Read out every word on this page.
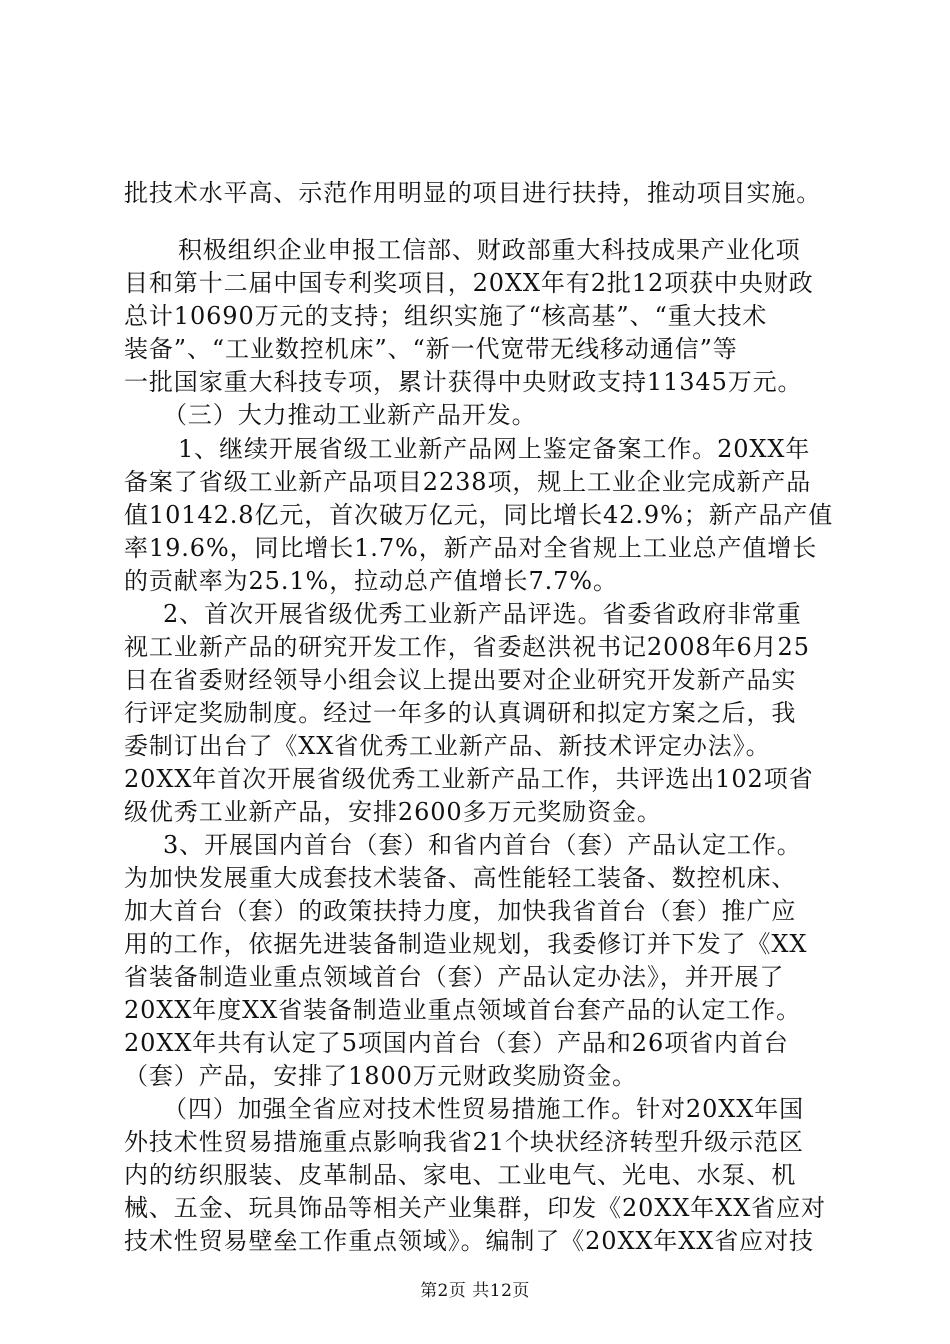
批技术水平高、示范作用明显的项目进行扶持，推动项目实施。
积极组织企业申报工信部、财政部重大科技成果产业化项
目和第十二届中国专利奖项目，20XX年有2批12项获中央财政
总计10690万元的支持；组织实施了“核高基”、“重大技术
装备”、“工业数控机床”、“新一代宽带无线移动通信”等
一批国家重大科技专项，累计获得中央财政支持11345万元。
（三）大力推动工业新产品开发。
1、继续开展省级工业新产品网上鉴定备案工作。20XX年
备案了省级工业新产品项目2238项，规上工业企业完成新产品
值10142.8亿元，首次破万亿元，同比增长42.9%；新产品产值
率19.6%，同比增长1.7%，新产品对全省规上工业总产值增长
的贡献率为25.1%，拉动总产值增长7.7%。
2、首次开展省级优秀工业新产品评选。省委省政府非常重
视工业新产品的研究开发工作，省委赵洪祝书记2008年6月25
日在省委财经领导小组会议上提出要对企业研究开发新产品实
行评定奖励制度。经过一年多的认真调研和拟定方案之后，我
委制订出台了《XX省优秀工业新产品、新技术评定办法》。
20XX年首次开展省级优秀工业新产品工作，共评选出102项省
级优秀工业新产品，安排2600多万元奖励资金。
3、开展国内首台（套）和省内首台（套）产品认定工作。
为加快发展重大成套技术装备、高性能轻工装备、数控机床、
加大首台（套）的政策扶持力度，加快我省首台（套）推广应
用的工作，依据先进装备制造业规划，我委修订并下发了《XX
省装备制造业重点领域首台（套）产品认定办法》，并开展了
20XX年度XX省装备制造业重点领域首台套产品的认定工作。
20XX年共有认定了5项国内首台（套）产品和26项省内首台
（套）产品，安排了1800万元财政奖励资金。
（四）加强全省应对技术性贸易措施工作。针对20XX年国
外技术性贸易措施重点影响我省21个块状经济转型升级示范区
内的纺织服装、皮革制品、家电、工业电气、光电、水泵、机
械、五金、玩具饰品等相关产业集群，印发《20XX年XX省应对
技术性贸易壁垒工作重点领域》。编制了《20XX年XX省应对技
第2页 共12页
